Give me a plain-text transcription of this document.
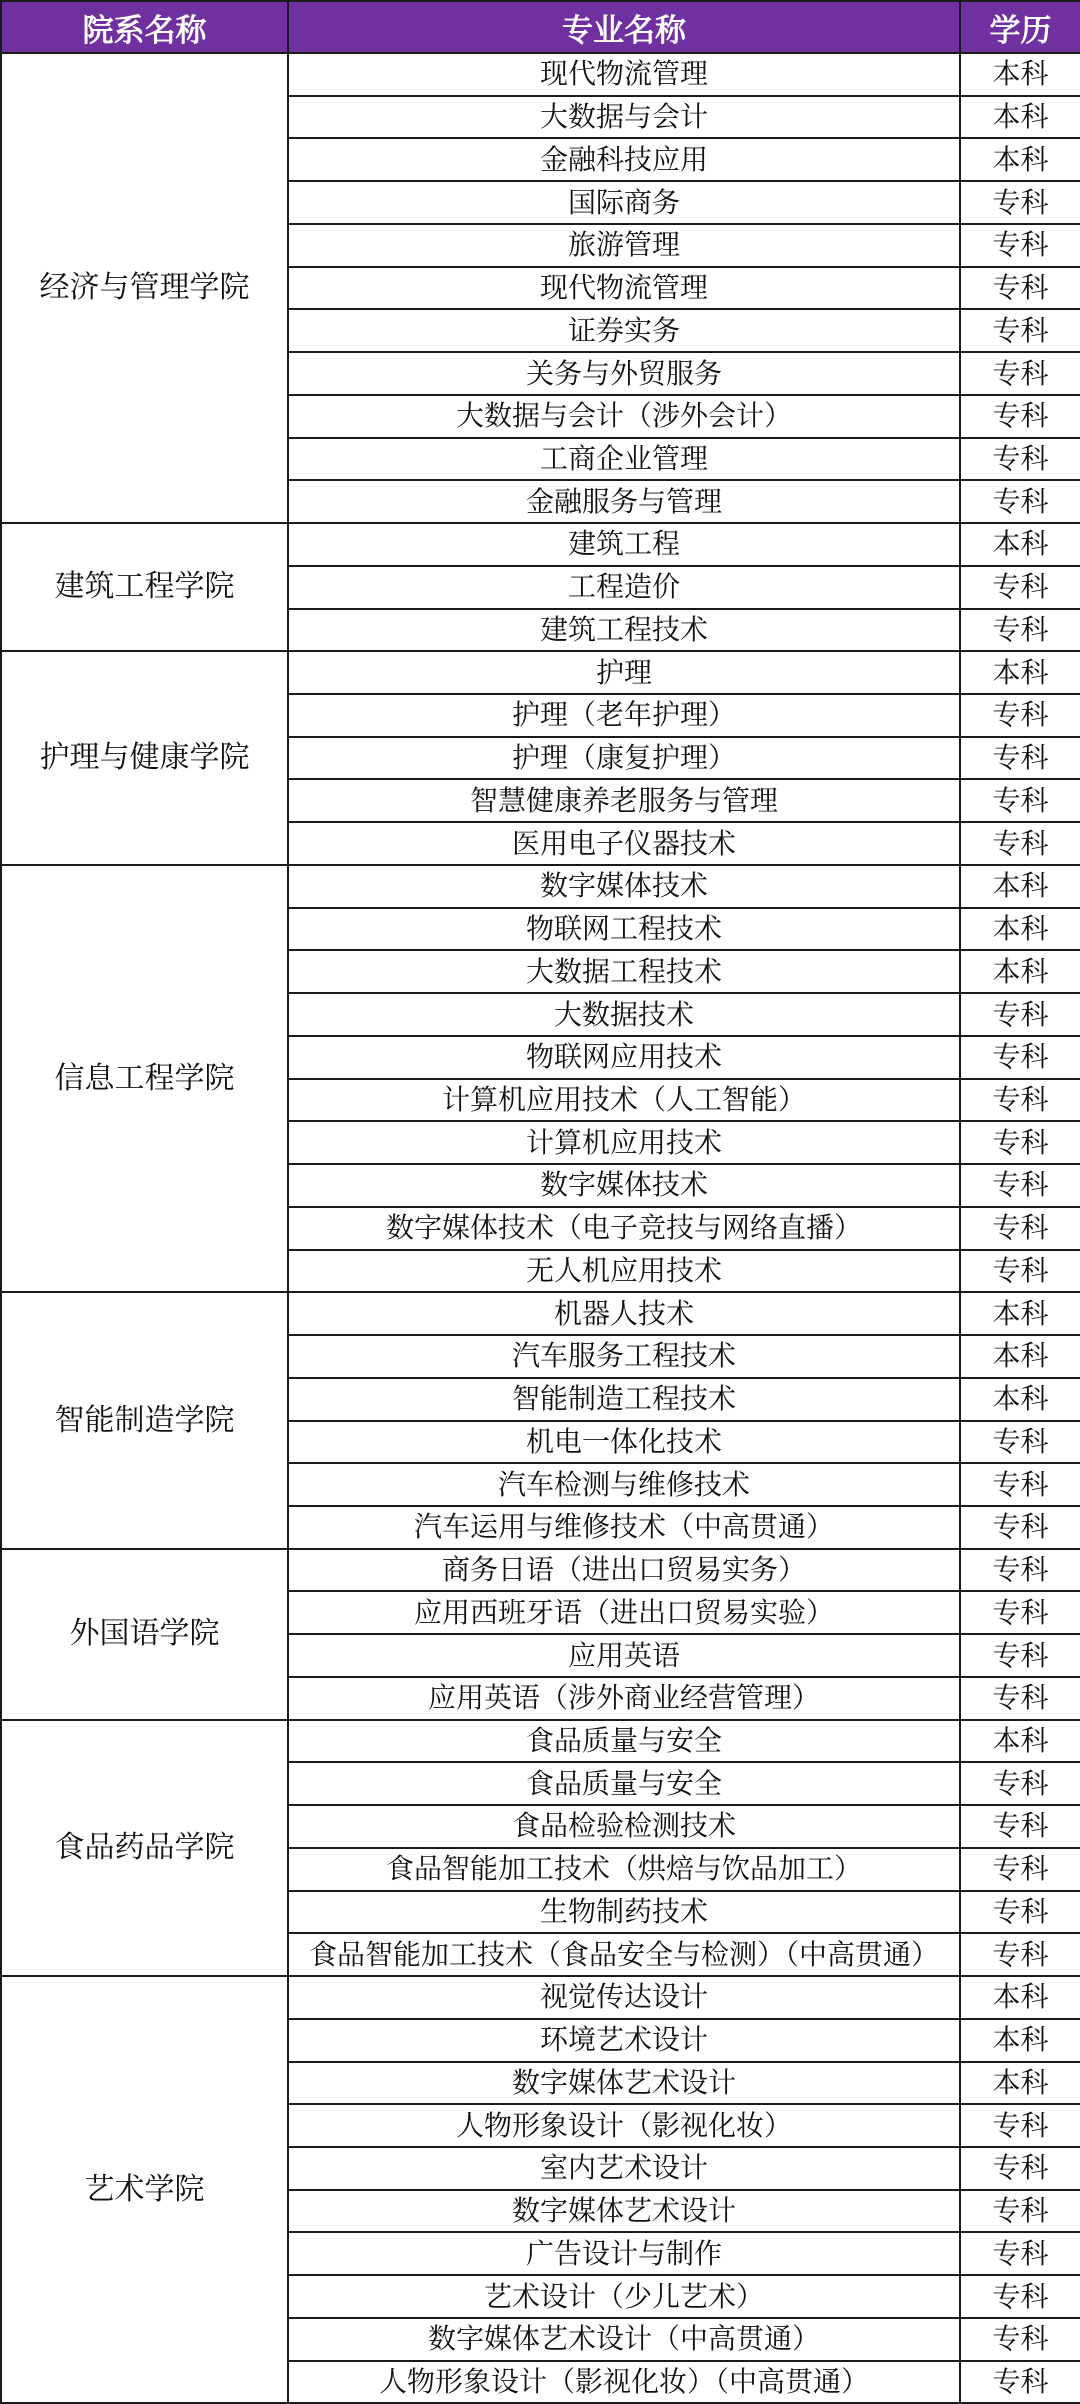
院系名称	专业名称	学历
经济与管理学院	现代物流管理	本科
	大数据与会计	本科
	金融科技应用	本科
	国际商务	专科
	旅游管理	专科
	现代物流管理	专科
	证券实务	专科
	关务与外贸服务	专科
	大数据与会计（涉外会计）	专科
	工商企业管理	专科
	金融服务与管理	专科
建筑工程学院	建筑工程	本科
	工程造价	专科
	建筑工程技术	专科
护理与健康学院	护理	本科
	护理（老年护理）	专科
	护理（康复护理）	专科
	智慧健康养老服务与管理	专科
	医用电子仪器技术	专科
信息工程学院	数字媒体技术	本科
	物联网工程技术	本科
	大数据工程技术	本科
	大数据技术	专科
	物联网应用技术	专科
	计算机应用技术（人工智能）	专科
	计算机应用技术	专科
	数字媒体技术	专科
	数字媒体技术（电子竞技与网络直播）	专科
	无人机应用技术	专科
智能制造学院	机器人技术	本科
	汽车服务工程技术	本科
	智能制造工程技术	本科
	机电一体化技术	专科
	汽车检测与维修技术	专科
	汽车运用与维修技术（中高贯通）	专科
外国语学院	商务日语（进出口贸易实务）	专科
	应用西班牙语（进出口贸易实验）	专科
	应用英语	专科
	应用英语（涉外商业经营管理）	专科
食品药品学院	食品质量与安全	本科
	食品质量与安全	专科
	食品检验检测技术	专科
	食品智能加工技术（烘焙与饮品加工）	专科
	生物制药技术	专科
	食品智能加工技术（食品安全与检测）（中高贯通）	专科
艺术学院	视觉传达设计	本科
	环境艺术设计	本科
	数字媒体艺术设计	本科
	人物形象设计（影视化妆）	专科
	室内艺术设计	专科
	数字媒体艺术设计	专科
	广告设计与制作	专科
	艺术设计（少儿艺术）	专科
	数字媒体艺术设计（中高贯通）	专科
	人物形象设计（影视化妆）（中高贯通）	专科
